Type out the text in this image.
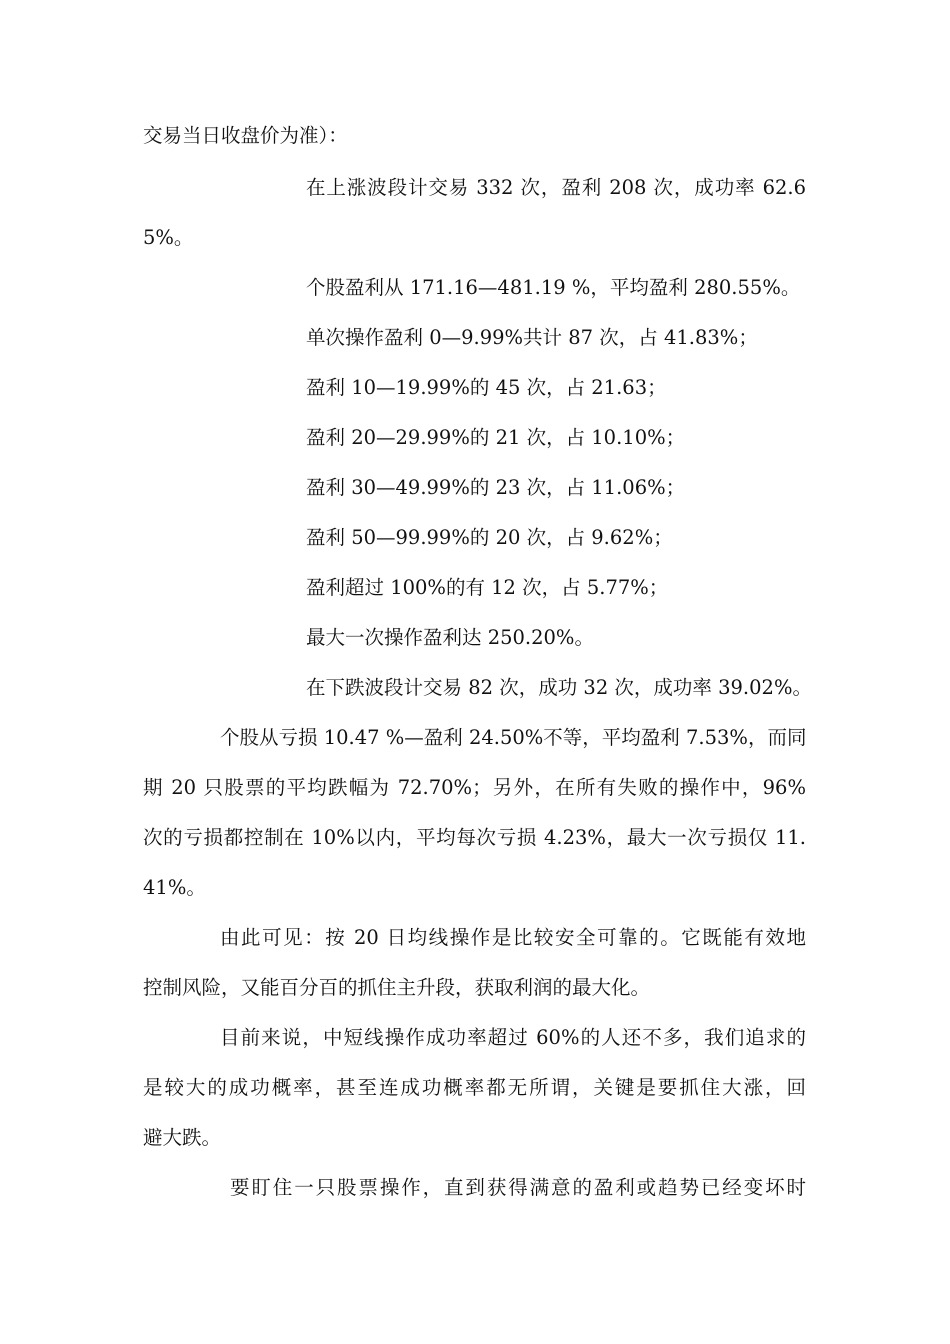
交易当日收盘价为准）：
在上涨波段计交易 332 次，盈利 208 次，成功率 62.6
5%。
个股盈利从 171.16—481.19 %，平均盈利 280.55%。
单次操作盈利 0—9.99%共计 87 次，占 41.83%；
盈利 10—19.99%的 45 次，占 21.63；
盈利 20—29.99%的 21 次，占 10.10%；
盈利 30—49.99%的 23 次，占 11.06%；
盈利 50—99.99%的 20 次，占 9.62%；
盈利超过 100%的有 12 次，占 5.77%；
最大一次操作盈利达 250.20%。
在下跌波段计交易 82 次，成功 32 次，成功率 39.02%。
个股从亏损 10.47 %—盈利 24.50%不等，平均盈利 7.53%，而同
期 20 只股票的平均跌幅为 72.70%；另外，在所有失败的操作中，96%
次的亏损都控制在 10%以内，平均每次亏损 4.23%，最大一次亏损仅 11.
41%。
由此可见：按 20 日均线操作是比较安全可靠的。它既能有效地
控制风险，又能百分百的抓住主升段，获取利润的最大化。
目前来说，中短线操作成功率超过 60%的人还不多，我们追求的
是较大的成功概率，甚至连成功概率都无所谓，关键是要抓住大涨，回
避大跌。
要盯住一只股票操作，直到获得满意的盈利或趋势已经变坏时
